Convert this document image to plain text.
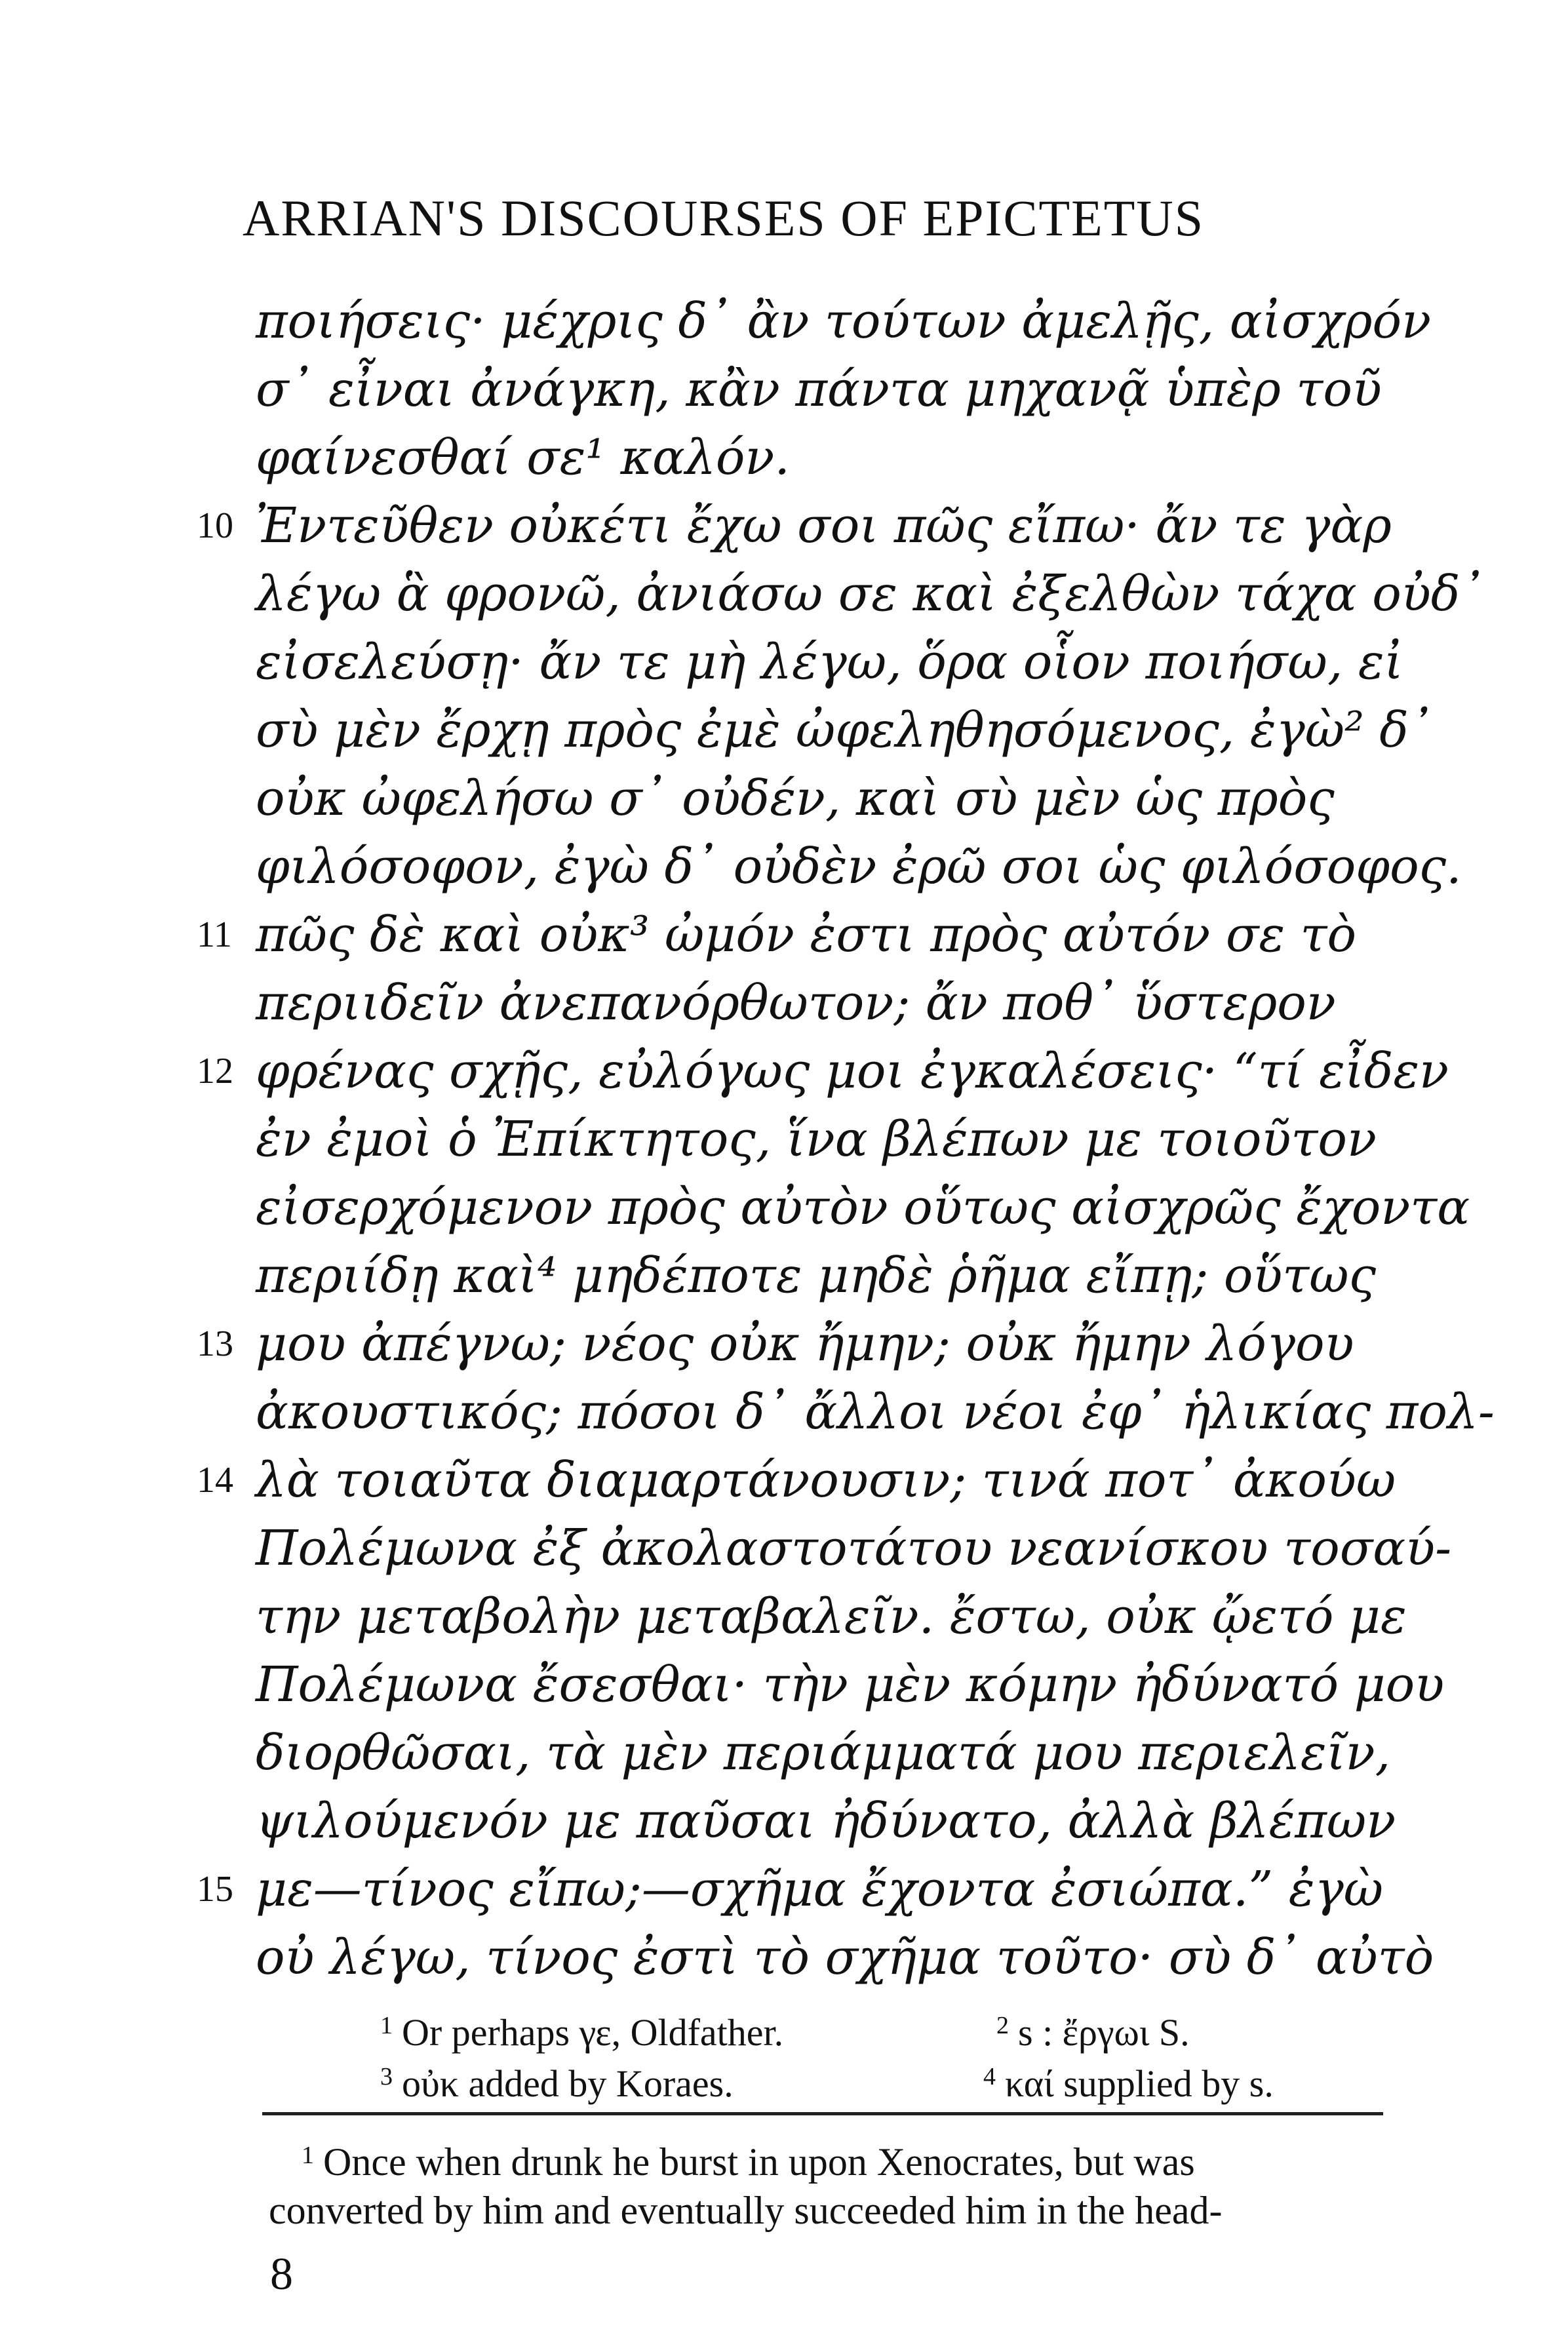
ARRIAN'S DISCOURSES OF EPICTETUS
ποιήσεις· μέχρις δ᾽ ἂν τούτων ἀμελῇς, αἰσχρόν
σ᾽ εἶναι ἀνάγκη, κἂν πάντα μηχανᾷ ὑπὲρ τοῦ
φαίνεσθαί σε¹ καλόν.
10 Ἐντεῦθεν οὐκέτι ἔχω σοι πῶς εἴπω· ἄν τε γὰρ
λέγω ἃ φρονῶ, ἀνιάσω σε καὶ ἐξελθὼν τάχα οὐδ᾽
εἰσελεύσῃ· ἄν τε μὴ λέγω, ὅρα οἷον ποιήσω, εἰ
σὺ μὲν ἔρχῃ πρὸς ἐμὲ ὠφεληθησόμενος, ἐγὼ² δ᾽
οὐκ ὠφελήσω σ᾽ οὐδέν, καὶ σὺ μὲν ὡς πρὸς
φιλόσοφον, ἐγὼ δ᾽ οὐδὲν ἐρῶ σοι ὡς φιλόσοφος.
11 πῶς δὲ καὶ οὐκ³ ὠμόν ἐστι πρὸς αὐτόν σε τὸ
περιιδεῖν ἀνεπανόρθωτον; ἄν ποθ᾽ ὕστερον
12 φρένας σχῇς, εὐλόγως μοι ἐγκαλέσεις· “τί εἶδεν
ἐν ἐμοὶ ὁ Ἐπίκτητος, ἵνα βλέπων με τοιοῦτον
εἰσερχόμενον πρὸς αὐτὸν οὕτως αἰσχρῶς ἔχοντα
περιίδῃ καὶ⁴ μηδέποτε μηδὲ ῥῆμα εἴπῃ; οὕτως
13 μου ἀπέγνω; νέος οὐκ ἤμην; οὐκ ἤμην λόγου
ἀκουστικός; πόσοι δ᾽ ἄλλοι νέοι ἐφ᾽ ἡλικίας πολ-
14 λὰ τοιαῦτα διαμαρτάνουσιν; τινά ποτ᾽ ἀκούω
Πολέμωνα ἐξ ἀκολαστοτάτου νεανίσκου τοσαύ-
την μεταβολὴν μεταβαλεῖν. ἔστω, οὐκ ᾤετό με
Πολέμωνα ἔσεσθαι· τὴν μὲν κόμην ἠδύνατό μου
διορθῶσαι, τὰ μὲν περιάμματά μου περιελεῖν,
ψιλούμενόν με παῦσαι ἠδύνατο, ἀλλὰ βλέπων
15 με—τίνος εἴπω;—σχῆμα ἔχοντα ἐσιώπα.” ἐγὼ
οὐ λέγω, τίνος ἐστὶ τὸ σχῆμα τοῦτο· σὺ δ᾽ αὐτὸ
$^1$ Or perhaps γε, Oldfather.	$^2$ s : ἔργωι S.
$^3$ οὐκ added by Koraes.	$^4$ καί supplied by s.
$^1$ Once when drunk he burst in upon Xenocrates, but was
converted by him and eventually succeeded him in the head-
8
